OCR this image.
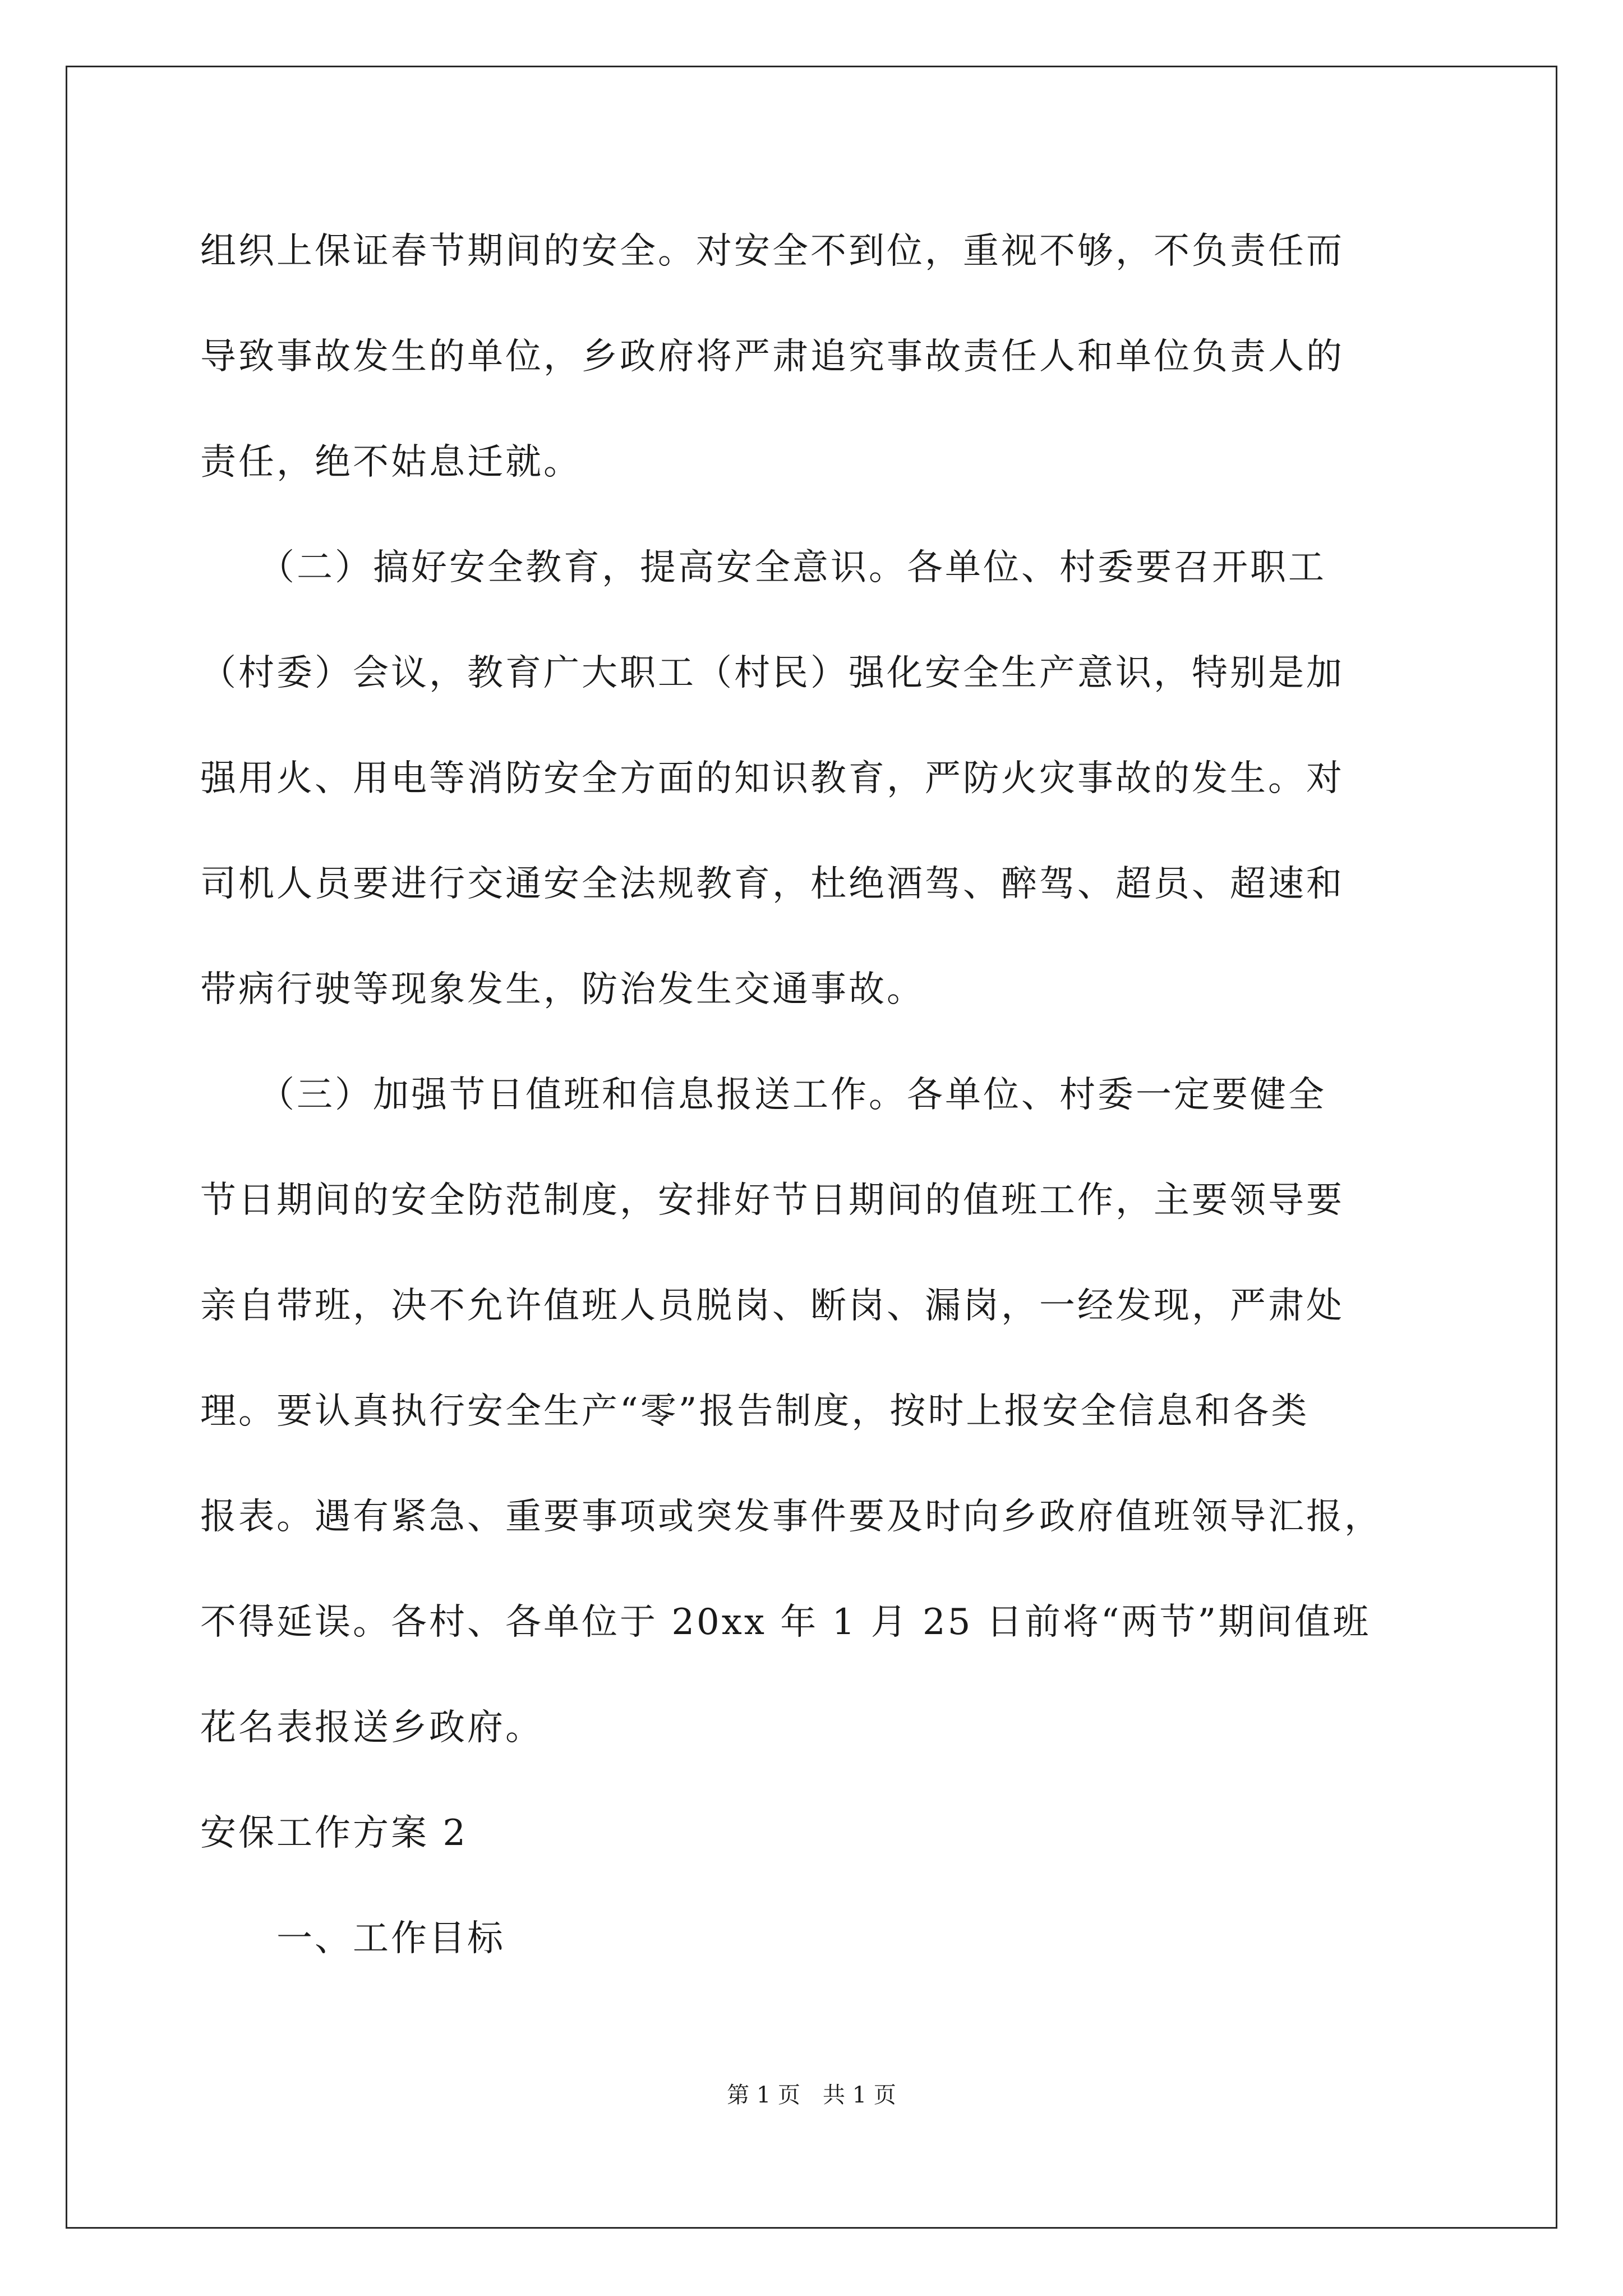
组织上保证春节期间的安全。对安全不到位，重视不够，不负责任而
导致事故发生的单位，乡政府将严肃追究事故责任人和单位负责人的
责任，绝不姑息迁就。
　　（二）搞好安全教育，提高安全意识。各单位、村委要召开职工
（村委）会议，教育广大职工（村民）强化安全生产意识，特别是加
强用火、用电等消防安全方面的知识教育，严防火灾事故的发生。对
司机人员要进行交通安全法规教育，杜绝酒驾、醉驾、超员、超速和
带病行驶等现象发生，防治发生交通事故。
　　（三）加强节日值班和信息报送工作。各单位、村委一定要健全
节日期间的安全防范制度，安排好节日期间的值班工作，主要领导要
亲自带班，决不允许值班人员脱岗、断岗、漏岗，一经发现，严肃处
理。要认真执行安全生产“零”报告制度，按时上报安全信息和各类
报表。遇有紧急、重要事项或突发事件要及时向乡政府值班领导汇报，
不得延误。各村、各单位于 20xx 年 1 月 25 日前将“两节”期间值班
花名表报送乡政府。
安保工作方案 2
　　一、工作目标
第 1 页　共 1 页
